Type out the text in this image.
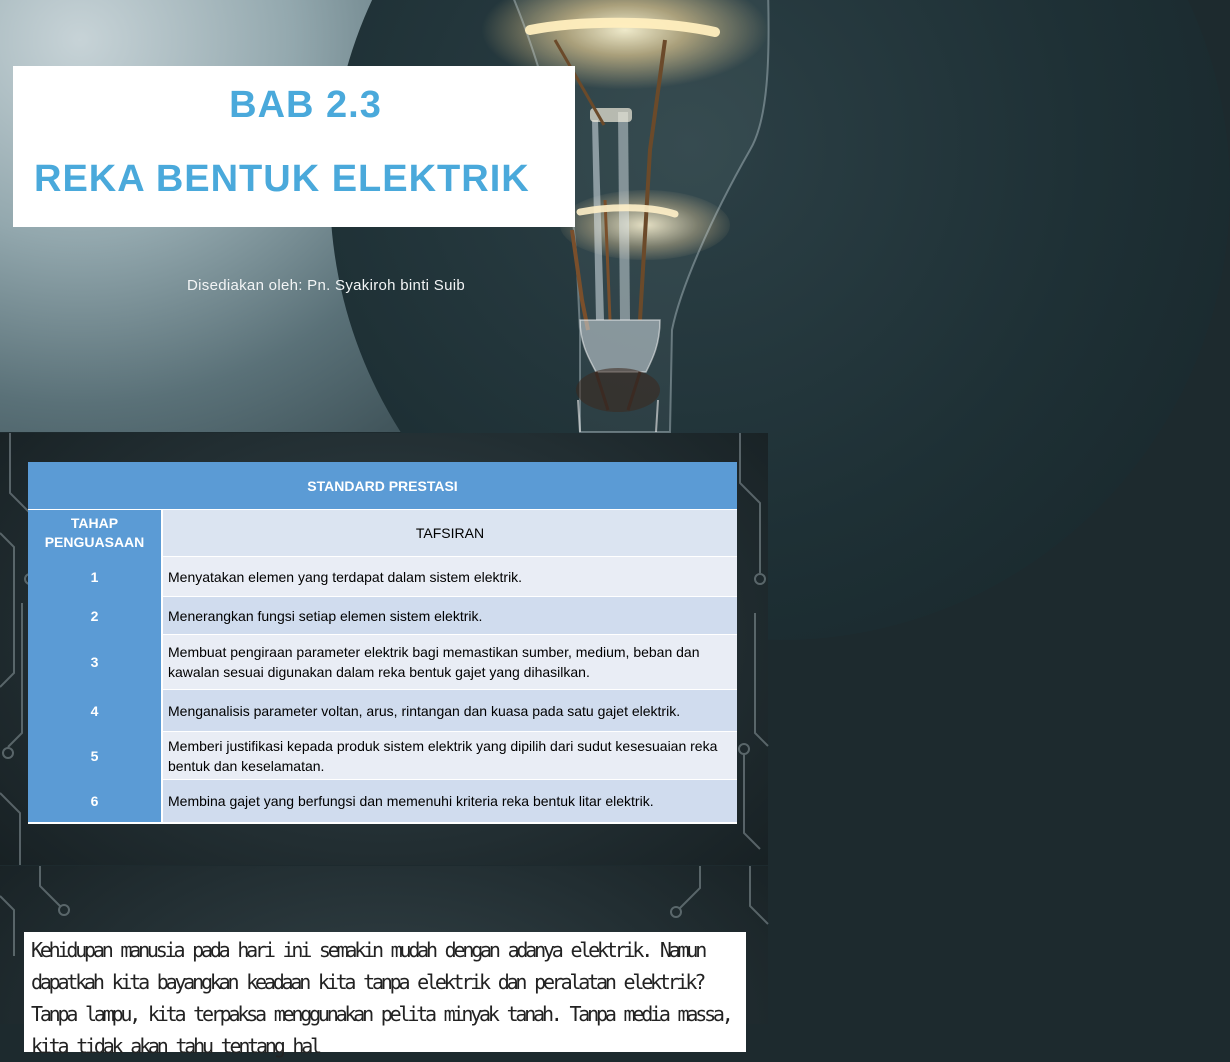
BAB 2.3
REKA BENTUK ELEKTRIK
Disediakan oleh: Pn. Syakiroh binti Suib
STANDARD PRESTASI	
TAHAP
PENGUASAAN	TAFSIRAN
1	Menyatakan elemen yang terdapat dalam sistem elektrik.
2	Menerangkan fungsi setiap elemen sistem elektrik.
3	Membuat pengiraan parameter elektrik bagi memastikan sumber, medium, beban dan kawalan sesuai digunakan dalam reka bentuk gajet yang dihasilkan.
4	Menganalisis parameter voltan, arus, rintangan dan kuasa pada satu gajet elektrik.
5	Memberi justifikasi kepada produk sistem elektrik yang dipilih dari sudut kesesuaian reka bentuk dan keselamatan.
6	Membina gajet yang berfungsi dan memenuhi kriteria reka bentuk litar elektrik.
Kehidupan manusia pada hari ini semakin mudah dengan adanya elektrik. Namun dapatkah kita bayangkan keadaan kita tanpa elektrik dan peralatan elektrik? Tanpa lampu, kita terpaksa menggunakan pelita minyak tanah. Tanpa media massa, kita tidak akan tahu tentang hal
